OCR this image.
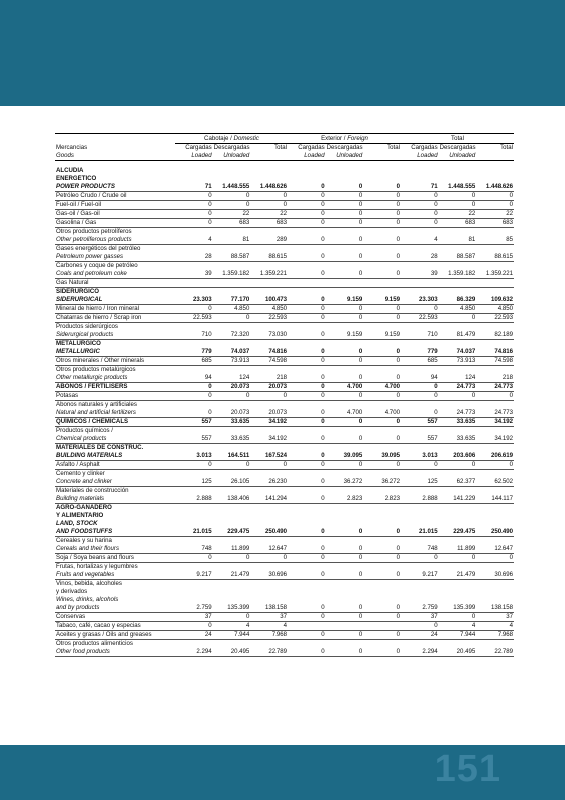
	Cabotaje / Domestic			Exterior / Foreign			Total		
Mercancias	Cargadas	Descargadas	Total	Cargadas	Descargadas	Total	Cargadas	Descargadas	Total
Goods	Loaded	Unloaded		Loaded	Unloaded		Loaded	Unloaded	

ALCUDIA									
ENERGÉTICO									
POWER PRODUCTS	71	1.448.555	1.448.626	0	0	0	71	1.448.555	1.448.626
Petróleo Crudo / Crude oil	0	0	0	0	0	0	0	0	0
Fuel-oil / Fuel-oil	0	0	0	0	0	0	0	0	0
Gas-oil / Gas-oil	0	22	22	0	0	0	0	22	22
Gasolina / Gas	0	683	683	0	0	0	0	683	683
Otros productos petrolíferos									
Other petroliferous products	4	81	289	0	0	0	4	81	85
Gases energéticos del petróleo									
Petroleum power gasses	28	88.587	88.615	0	0	0	28	88.587	88.615
Carbones y coque de petróleo									
Coals and petroleum coke	39	1.359.182	1.359.221	0	0	0	39	1.359.182	1.359.221
Gas Natural									
SIDERÚRGICO									
SIDERURGICAL	23.303	77.170	100.473	0	9.159	9.159	23.303	86.329	109.632
Mineral de hierro / Iron mineral	0	4.850	4.850	0	0	0	0	4.850	4.850
Chatarras de hierro / Scrap iron	22.593	0	22.593	0	0	0	22.593	0	22.593
Productos siderúrgicos									
Siderurgical products	710	72.320	73.030	0	9.159	9.159	710	81.479	82.189
METALÚRGICO									
METALLURGIC	779	74.037	74.816	0	0	0	779	74.037	74.816
Otros minerales / Other minerals	685	73.913	74.598	0	0	0	685	73.913	74.598
Otros productos metalúrgicos									
Other metallurgic products	94	124	218	0	0	0	94	124	218
ABONOS / FERTILISERS	0	20.073	20.073	0	4.700	4.700	0	24.773	24.773
Potasas	0	0	0	0	0	0	0	0	0
Abonos naturales y artificiales									
Natural and artificial fertilizers	0	20.073	20.073	0	4.700	4.700	0	24.773	24.773
QUÍMICOS / CHEMICALS	557	33.635	34.192	0	0	0	557	33.635	34.192
Productos químicos /									
Chemical products	557	33.635	34.192	0	0	0	557	33.635	34.192
MATERIALES DE CONSTRUC.									
BUILDING MATERIALS	3.013	164.511	167.524	0	39.095	39.095	3.013	203.606	206.619
Asfalto / Asphalt	0	0	0	0	0	0	0	0	0
Cemento y clinker									
Concrete and clinker	125	26.105	26.230	0	36.272	36.272	125	62.377	62.502
Materiales de construcción									
Building materials	2.888	138.406	141.294	0	2.823	2.823	2.888	141.229	144.117
AGRO-GANADERO									
Y ALIMENTARIO									
LAND, STOCK									
AND FOODSTUFFS	21.015	229.475	250.490	0	0	0	21.015	229.475	250.490
Cereales y su harina									
Cereals and their flours	748	11.899	12.647	0	0	0	748	11.899	12.647
Soja / Soya beans and flours	0	0	0	0	0	0	0	0	0
Frutas, hortalizas y legumbres									
Fruits and vegetables	9.217	21.479	30.696	0	0	0	9.217	21.479	30.696
Vinos, bebida, alcoholes									
y derivados									
Wines, drinks, alcohols									
and by products	2.759	135.399	138.158	0	0	0	2.759	135.399	138.158
Conservas	37	0	37	0	0	0	37	0	37
Tabaco, café, cacao y especias	0	4	4				0	4	4
Aceites y grasas / Oils and greases	24	7.944	7.968	0	0	0	24	7.944	7.968
Otros productos alimenticios									
Other food products	2.294	20.495	22.789	0	0	0	2.294	20.495	22.789
151
